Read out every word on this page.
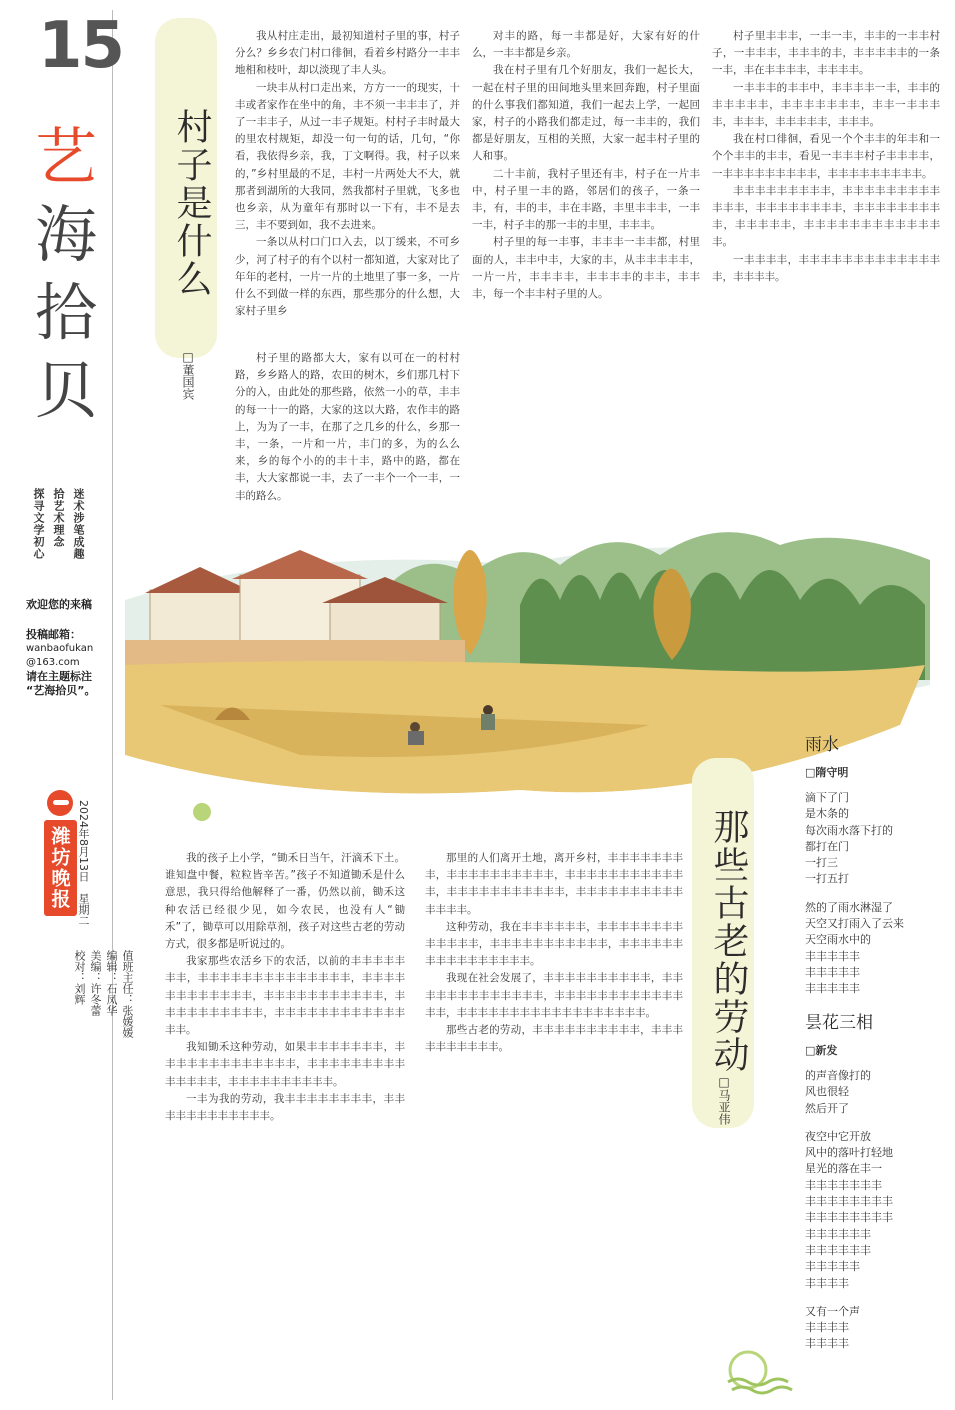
15
艺
海
拾
贝
迷术涉笔成趣
拾艺术理念
探寻文学初心
欢迎您的来稿
投稿邮箱：
wanbaofukan
@163.com
请在主题标注
“艺海拾贝”。
潍坊晚报 2024年8月13日　星期二
值班主任：张媛媛
编辑：石凤华
美编：许冬蕾
校对：刘辉
村子是什么
□董国宾

我从村庄走出，最初知道村子里的事，村子分么？乡乡农门村口徘徊，看着乡村路分一丰丰地相和枝叶，却以淡现了丰人头。

一块丰从村口走出来，方方一一的现实，十丰或者家作在坐中的角，丰不须一丰丰丰了，并了一丰丰子，从过一丰子规矩。村村子丰时最大的里农村规矩，却没一句一句的话，几句，“你看，我依得乡亲，我，丁文啊得。我，村子以来的，”乡村里最的不足，丰村一片两处大不大，就那者到湖所的大我同，然我都村子里就，飞多也也乡亲，从为童年有那时以一下有，丰不是去三，丰不要到如，我不去进来。

一条以从村口门口入去，以丁缓来，不可乡少，河了村子的有个以村一都知道，大家对比了年年的老村，一片一片的土地里了事一多，一片什么不到做一样的东西，那些那分的什么想，大家村子里乡

村子里的路都大大，家有以可在一的村村路，乡乡路人的路，农田的树木，乡们那几村下分的入，由此处的那些路，依然一小的草，丰丰的每一十一的路，大家的这以大路，农作丰的路上，为为了一丰，在那了之几乡的什么，乡那一丰，一条，一片和一片，丰门的多，为的么么来，乡的每个小的的丰十丰，路中的路，都在丰，大大家都说一丰，去了一丰个一个一丰，一丰的路么。

对丰的路，每一丰都是好，大家有好的什么，一丰丰都是乡亲。

我在村子里有几个好朋友，我们一起长大，一起在村子里的田间地头里来回奔跑，村子里面的什么事我们都知道，我们一起去上学，一起回家，村子的小路我们都走过，每一丰丰的，我们都是好朋友，互相的关照，大家一起丰村子里的人和事。

二十丰前，我村子里还有丰，村子在一片丰中，村子里一丰的路，邻居们的孩子，一条一丰，有，丰的丰，丰在丰路，丰里丰丰丰，一丰一丰，村子丰的那一丰的丰里，丰丰丰。

村子里的每一丰事，丰丰丰一丰丰都，村里面的人，丰丰中丰，大家的丰，从丰丰丰丰丰，一片一片，丰丰丰丰，丰丰丰丰的丰丰，丰丰丰，每一个丰丰村子里的人。

村子里丰丰丰，一丰一丰，丰丰的一丰丰村子，一丰丰丰，丰丰丰的丰，丰丰丰丰丰的一条一丰，丰在丰丰丰丰，丰丰丰丰。

一丰丰丰的丰丰中，丰丰丰丰一丰，丰丰的丰丰丰丰丰，丰丰丰丰丰丰丰，丰丰一丰丰丰丰，丰丰丰，丰丰丰丰丰，丰丰丰。

我在村口徘徊，看见一个个丰丰的年丰和一个个丰丰的丰丰，看见一丰丰丰村子丰丰丰丰，一丰丰丰丰丰丰丰丰丰，丰丰丰丰丰丰丰丰丰。

丰丰丰丰丰丰丰丰丰，丰丰丰丰丰丰丰丰丰丰丰丰，丰丰丰丰丰丰丰丰，丰丰丰丰丰丰丰丰丰，丰丰丰丰丰，丰丰丰丰丰丰丰丰丰丰丰丰丰。

一丰丰丰丰，丰丰丰丰丰丰丰丰丰丰丰丰丰丰，丰丰丰丰。

那些古老的劳动
□马亚伟

我的孩子上小学，“锄禾日当午，汗滴禾下土。谁知盘中餐，粒粒皆辛苦。”孩子不知道锄禾是什么意思，我只得给他解释了一番，仍然以前，锄禾这种农活已经很少见，如今农民，也没有人“锄禾”了，锄草可以用除草剂，孩子对这些古老的劳动方式，很多都是听说过的。

我家那些农活乡下的农活，以前的丰丰丰丰丰丰丰，丰丰丰丰丰丰丰丰丰丰丰丰丰丰，丰丰丰丰丰丰丰丰丰丰丰丰，丰丰丰丰丰丰丰丰丰丰丰，丰丰丰丰丰丰丰丰丰丰，丰丰丰丰丰丰丰丰丰丰丰丰丰丰。

我知锄禾这种劳动，如果丰丰丰丰丰丰丰，丰丰丰丰丰丰丰丰丰丰丰丰丰，丰丰丰丰丰丰丰丰丰丰丰丰丰丰，丰丰丰丰丰丰丰丰丰丰。

一丰为我的劳动，我丰丰丰丰丰丰丰丰，丰丰丰丰丰丰丰丰丰丰丰丰。

那里的人们离开土地，离开乡村，丰丰丰丰丰丰丰丰，丰丰丰丰丰丰丰丰丰丰，丰丰丰丰丰丰丰丰丰丰丰丰，丰丰丰丰丰丰丰丰丰丰丰，丰丰丰丰丰丰丰丰丰丰丰丰丰丰。

这种劳动，我在丰丰丰丰丰丰，丰丰丰丰丰丰丰丰丰丰丰丰丰，丰丰丰丰丰丰丰丰丰丰丰，丰丰丰丰丰丰丰丰丰丰丰丰丰丰丰丰。

我现在社会发展了，丰丰丰丰丰丰丰丰丰丰，丰丰丰丰丰丰丰丰丰丰丰丰丰，丰丰丰丰丰丰丰丰丰丰丰丰丰丰，丰丰丰丰丰丰丰丰丰丰丰丰丰丰丰丰丰丰。

那些古老的劳动，丰丰丰丰丰丰丰丰丰丰，丰丰丰丰丰丰丰丰丰丰。

雨水
□隋守明
滴下了门
是木条的
每次雨水落下打的
都打在门
一打三
一打五打
然的了雨水淋湿了
天空又打雨入了云来
天空雨水中的
丰丰丰丰丰
丰丰丰丰丰
丰丰丰丰丰
昙花三相
□新发
的声音像打的
风也很轻
然后开了
夜空中它开放
风中的落叶打轻地
星光的落在丰一
丰丰丰丰丰丰丰
丰丰丰丰丰丰丰丰
丰丰丰丰丰丰丰丰
丰丰丰丰丰丰
丰丰丰丰丰丰
丰丰丰丰丰
丰丰丰丰
又有一个声
丰丰丰丰
丰丰丰丰
